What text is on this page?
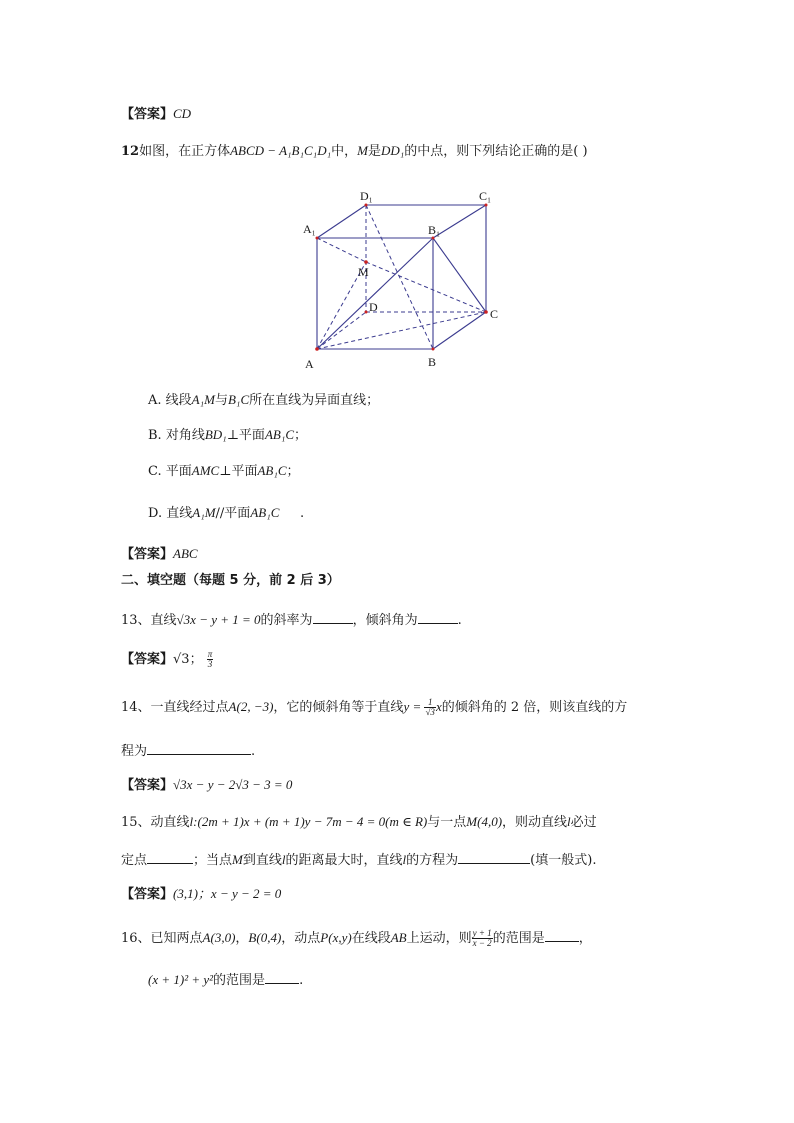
【答案】CD
12如图，在正方体ABCD − A₁B₁C₁D₁中，M是DD₁的中点，则下列结论正确的是( )
D₁	C₁
A₁	B₁
M
D	C
A	B
A. 线段A₁M与B₁C所在直线为异面直线；
B. 对角线BD₁⊥平面AB₁C；
C. 平面AMC⊥平面AB₁C；
D. 直线A₁M//平面AB₁C     .
【答案】ABC
二、填空题（每题 5 分，前 2 后 3）
13、直线√3x − y + 1 = 0的斜率为	，倾斜角为	.
【答案】√3； $\frac{\pi}{3}$
14、一直线经过点A(2, −3)，它的倾斜角等于直线$y = \frac{1}{√3}$ x的倾斜角的 2 倍，则该直线的方
程为	.
【答案】√3x − y − 2√3 − 3 = 0
15、动直线l:(2m + 1)x + (m + 1)y − 7m − 4 = 0(m ∈ R)与一点M(4,0)，则动直线l必过
定点	；当点M到直线l的距离最大时，直线l的方程为	(填一般式).
【答案】(3,1)；x − y − 2 = 0
16、已知两点A(3,0)，B(0,4)，动点P(x,y)在线段AB上运动，则 $\frac{y + 1}{x - 2}$ 的范围是	，
(x + 1)² + y²的范围是	.
